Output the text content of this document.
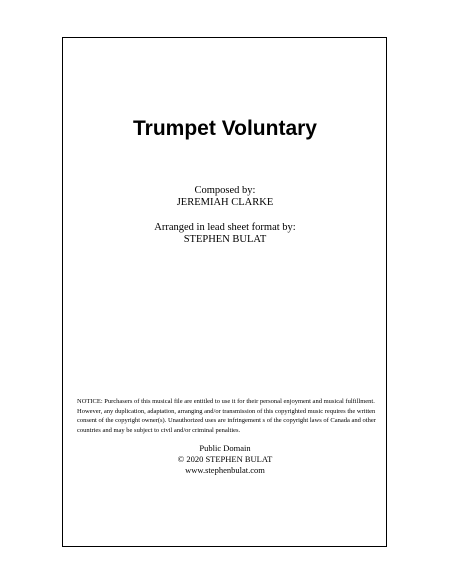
Trumpet Voluntary
Composed by:
JEREMIAH CLARKE
Arranged in lead sheet format by:
STEPHEN BULAT
NOTICE: Purchasers of this musical file are entitled to use it for their personal enjoyment and musical fulfillment. However, any duplication, adaptation, arranging and/or transmission of this copyrighted music requires the written consent of the copyright owner(s). Unauthorized uses are infringement s of the copyright laws of Canada and other countries and may be subject to civil and/or criminal penalties.
Public Domain
© 2020 STEPHEN BULAT
www.stephenbulat.com
